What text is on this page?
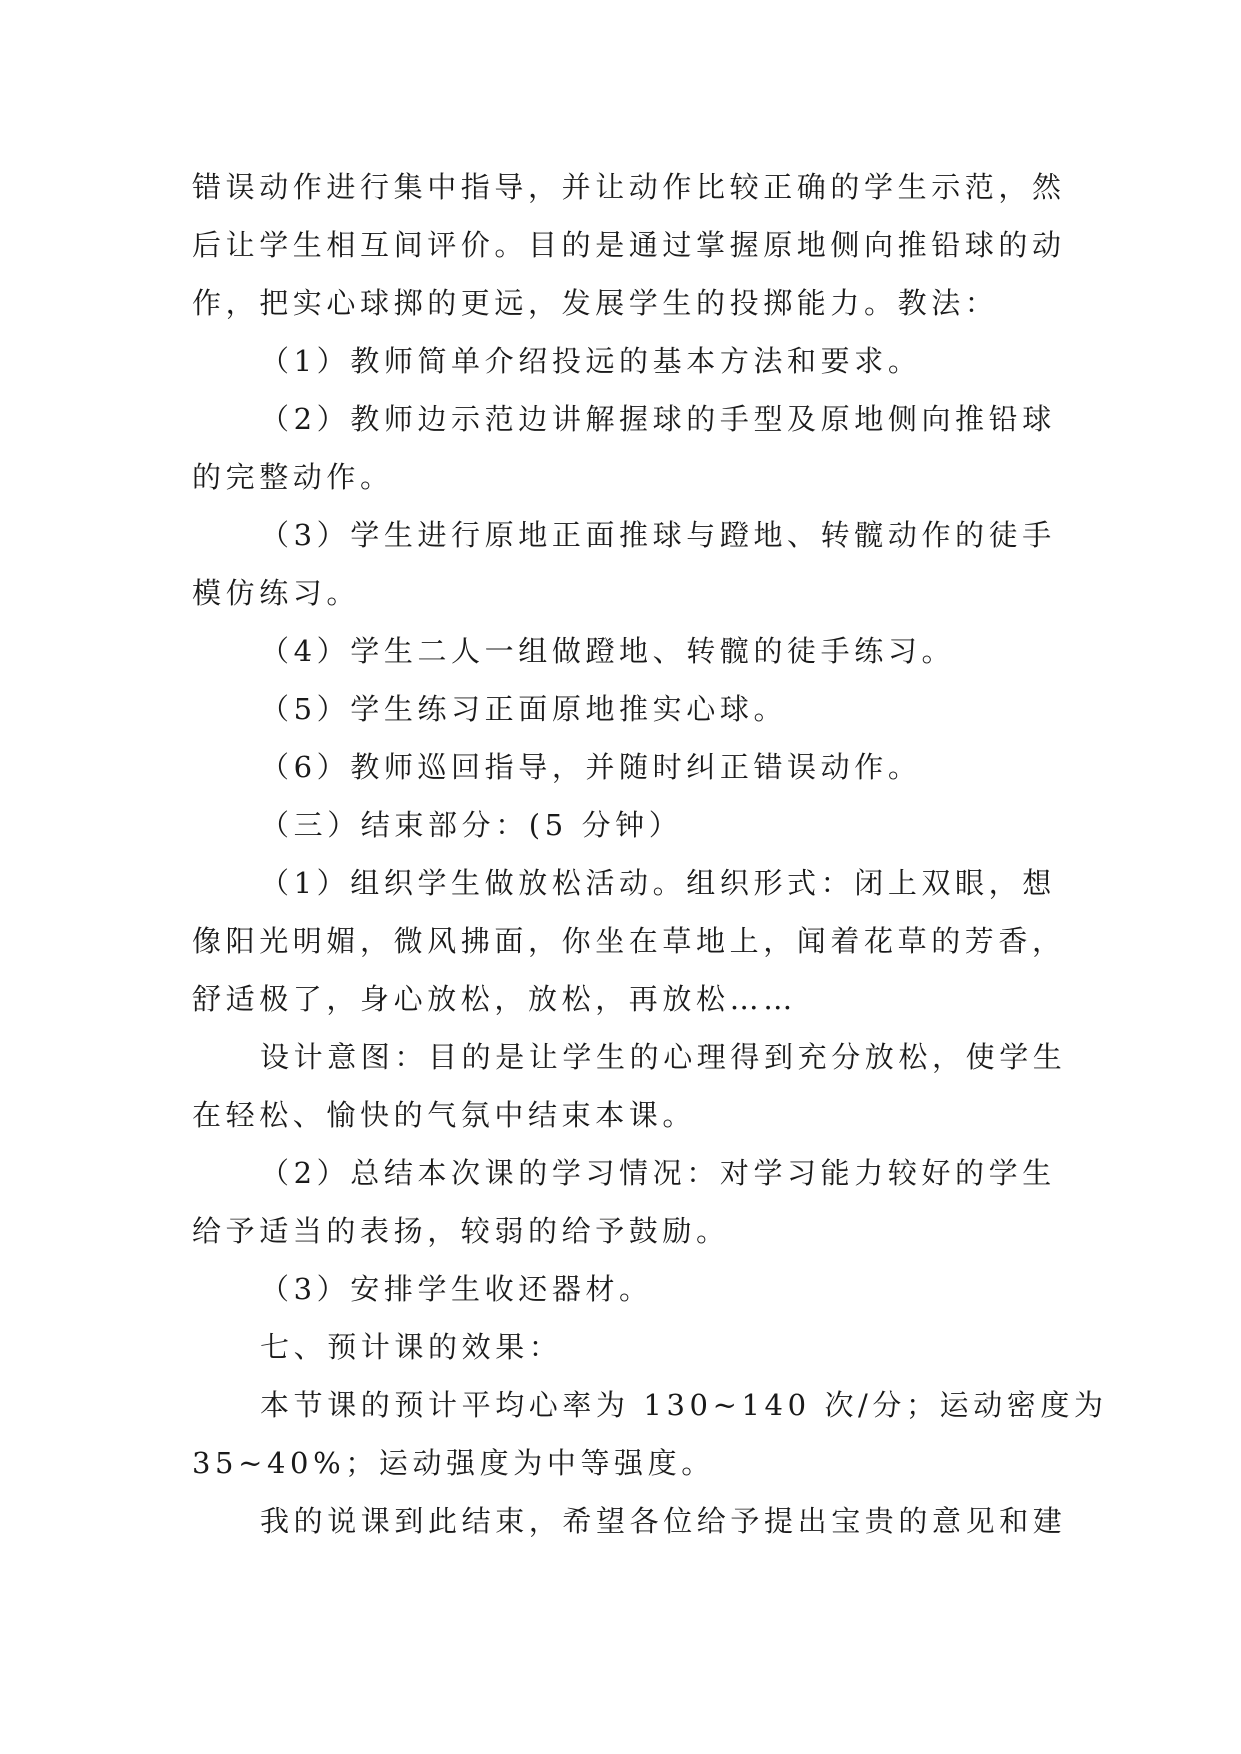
错误动作进行集中指导，并让动作比较正确的学生示范，然
后让学生相互间评价。目的是通过掌握原地侧向推铅球的动
作，把实心球掷的更远，发展学生的投掷能力。教法：
（1）教师简单介绍投远的基本方法和要求。
（2）教师边示范边讲解握球的手型及原地侧向推铅球
的完整动作。
（3）学生进行原地正面推球与蹬地、转髋动作的徒手
模仿练习。
（4）学生二人一组做蹬地、转髋的徒手练习。
（5）学生练习正面原地推实心球。
（6）教师巡回指导，并随时纠正错误动作。
（三）结束部分：(5 分钟）
（1）组织学生做放松活动。组织形式：闭上双眼，想
像阳光明媚，微风拂面，你坐在草地上，闻着花草的芳香，
舒适极了，身心放松，放松，再放松……
设计意图：目的是让学生的心理得到充分放松，使学生
在轻松、愉快的气氛中结束本课。
（2）总结本次课的学习情况：对学习能力较好的学生
给予适当的表扬，较弱的给予鼓励。
（3）安排学生收还器材。
七、预计课的效果：
本节课的预计平均心率为 130~140 次/分；运动密度为
35~40%；运动强度为中等强度。
我的说课到此结束，希望各位给予提出宝贵的意见和建
